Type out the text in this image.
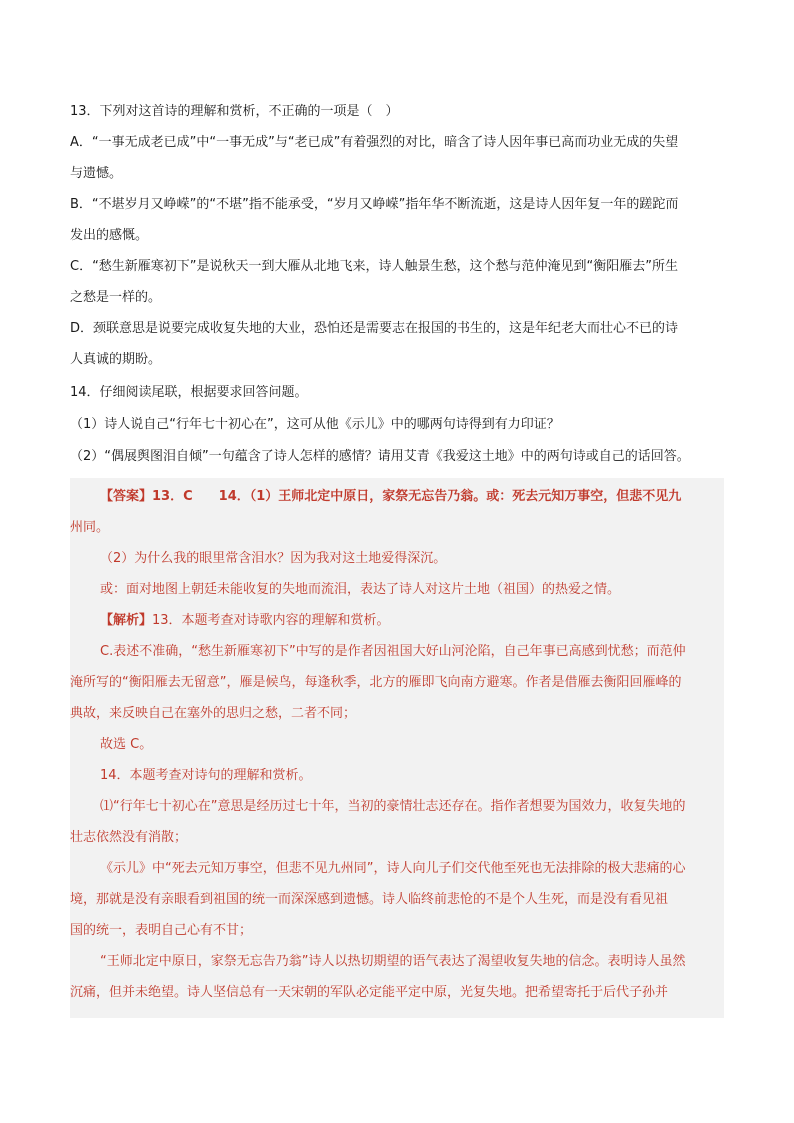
13．下列对这首诗的理解和赏析，不正确的一项是（　）

A．“一事无成老已成”中“一事无成”与“老已成”有着强烈的对比，暗含了诗人因年事已高而功业无成的失望

与遗憾。

B．“不堪岁月又峥嵘”的“不堪”指不能承受，“岁月又峥嵘”指年华不断流逝，这是诗人因年复一年的蹉跎而

发出的感慨。

C．“愁生新雁寒初下”是说秋天一到大雁从北地飞来，诗人触景生愁，这个愁与范仲淹见到“衡阳雁去”所生

之愁是一样的。

D．颈联意思是说要完成收复失地的大业，恐怕还是需要志在报国的书生的，这是年纪老大而壮心不已的诗

人真诚的期盼。

14．仔细阅读尾联，根据要求回答问题。

（1）诗人说自己“行年七十初心在”，这可从他《示儿》中的哪两句诗得到有力印证？

（2）“偶展舆图泪自倾”一句蕴含了诗人怎样的感情？请用艾青《我爱这土地》中的两句诗或自己的话回答。

【答案】13．C　　14．（1）王师北定中原日，家祭无忘告乃翁。或：死去元知万事空，但悲不见九

州同。

（2）为什么我的眼里常含泪水？因为我对这土地爱得深沉。

或：面对地图上朝廷未能收复的失地而流泪，表达了诗人对这片土地（祖国）的热爱之情。

【解析】13．本题考查对诗歌内容的理解和赏析。

C.表述不准确，“愁生新雁寒初下”中写的是作者因祖国大好山河沦陷，自己年事已高感到忧愁；而范仲

淹所写的“衡阳雁去无留意”，雁是候鸟，每逢秋季，北方的雁即飞向南方避寒。作者是借雁去衡阳回雁峰的

典故，来反映自己在塞外的思归之愁，二者不同；

故选 C。

14．本题考查对诗句的理解和赏析。

⑴“行年七十初心在”意思是经历过七十年，当初的豪情壮志还存在。指作者想要为国效力，收复失地的

壮志依然没有消散；

《示儿》中“死去元知万事空，但悲不见九州同”，诗人向儿子们交代他至死也无法排除的极大悲痛的心

境，那就是没有亲眼看到祖国的统一而深深感到遗憾。诗人临终前悲怆的不是个人生死，而是没有看见祖

国的统一，表明自己心有不甘；

“王师北定中原日，家祭无忘告乃翁”诗人以热切期望的语气表达了渴望收复失地的信念。表明诗人虽然

沉痛，但并未绝望。诗人坚信总有一天宋朝的军队必定能平定中原，光复失地。把希望寄托于后代子孙并
